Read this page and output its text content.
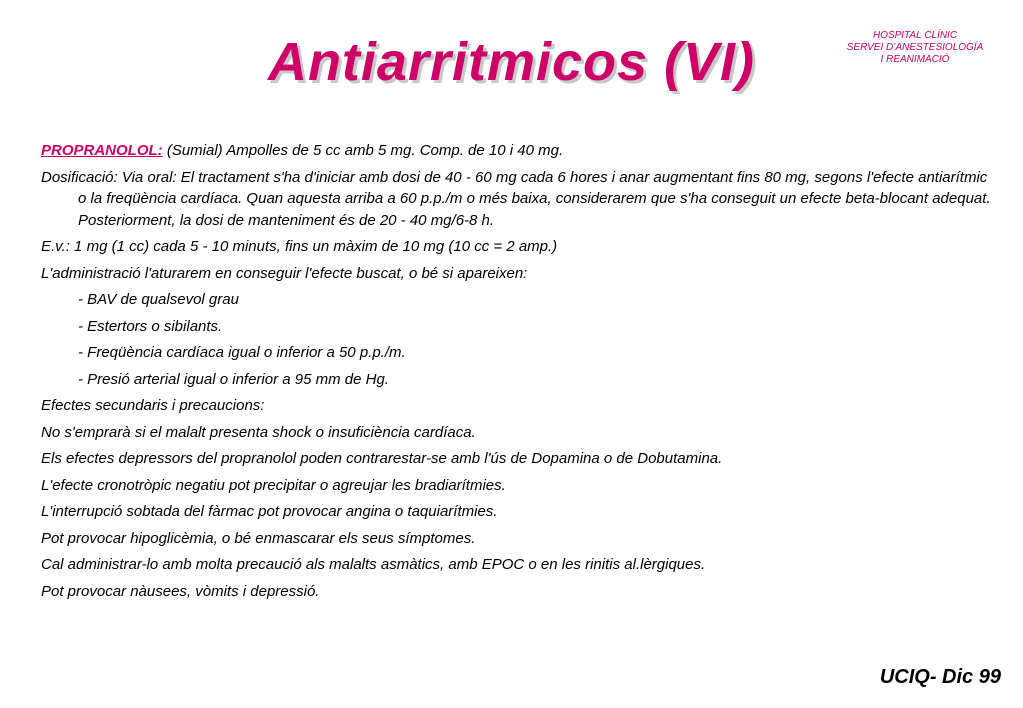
Antiarritmicos (VI)	HOSPITAL CLÍNIC
SERVEI D’ANESTESIOLOGÍA
I REANIMACIÓ

PROPRANOLOL: (Sumial) Ampolles de 5 cc amb 5 mg. Comp. de 10 i 40 mg.

Dosificació: Via oral: El tractament s'ha d'iniciar amb dosi de 40 - 60 mg cada 6 hores i anar augmentant fins 80 mg, segons l'efecte antiarítmic o la freqüència cardíaca. Quan aquesta arriba a 60 p.p./m o més baixa, considerarem que s'ha conseguit un efecte beta-blocant adequat. Posteriorment, la dosi de manteniment és de 20 - 40 mg/6-8 h.

E.v.: 1 mg (1 cc) cada 5 - 10 minuts, fins un màxim de 10 mg (10 cc = 2 amp.)

L'administració l'aturarem en conseguir l'efecte buscat, o bé si apareixen:

- BAV de qualsevol grau

- Estertors o sibilants.

- Freqüència cardíaca igual o inferior a 50 p.p./m.

- Presió arterial igual o inferior a 95 mm de Hg.

Efectes secundaris i precaucions:

No s'emprarà si el malalt presenta shock o insuficiència cardíaca.

Els efectes depressors del propranolol poden contrarestar-se amb l'ús de Dopamina o de Dobutamina.

L'efecte cronotròpic negatiu pot precipitar o agreujar les bradiarítmies.

L'interrupció sobtada del fàrmac pot provocar angina o taquiarítmies.

Pot provocar hipoglicèmia, o bé enmascarar els seus símptomes.

Cal administrar-lo amb molta precaució als malalts asmàtics, amb EPOC o en les rinitis al.lèrgiques.

Pot provocar nàusees, vòmits i depressió.

UCIQ- Dic 99
